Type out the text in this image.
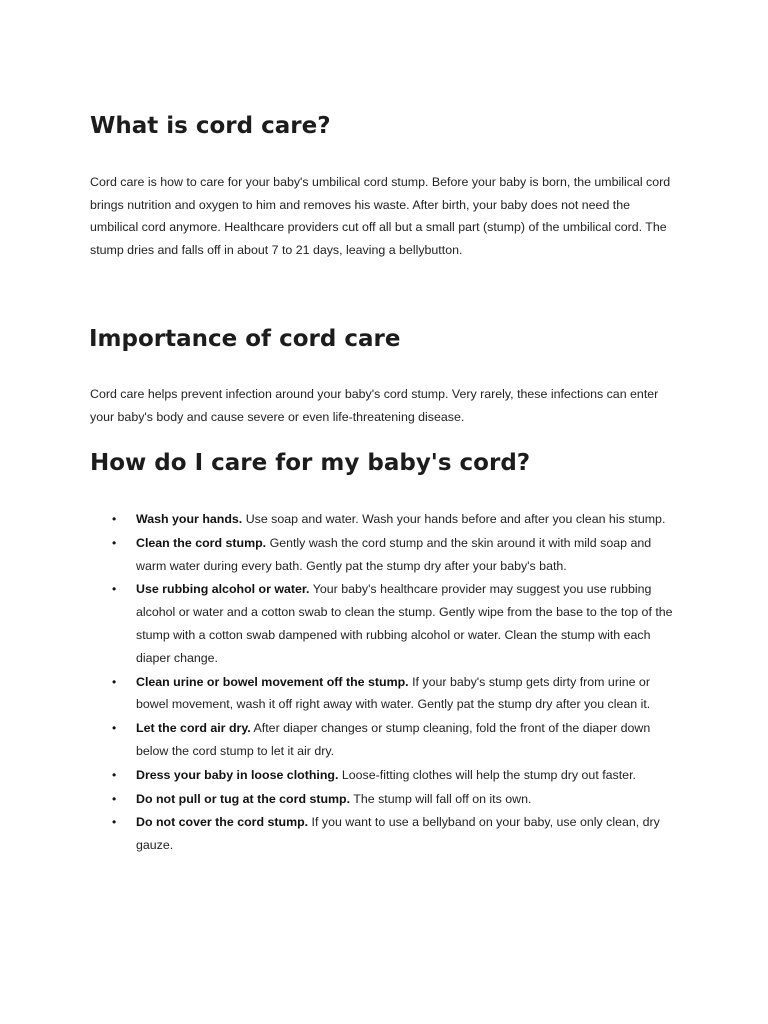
What is cord care?

Cord care is how to care for your baby's umbilical cord stump. Before your baby is born, the umbilical cord brings nutrition and oxygen to him and removes his waste. After birth, your baby does not need the umbilical cord anymore. Healthcare providers cut off all but a small part (stump) of the umbilical cord. The stump dries and falls off in about 7 to 21 days, leaving a bellybutton.

Importance of cord care

Cord care helps prevent infection around your baby's cord stump. Very rarely, these infections can enter your baby's body and cause severe or even life-threatening disease.

How do I care for my baby's cord?
• Wash your hands. Use soap and water. Wash your hands before and after you clean his stump.
• Clean the cord stump. Gently wash the cord stump and the skin around it with mild soap and warm water during every bath. Gently pat the stump dry after your baby's bath.
• Use rubbing alcohol or water. Your baby's healthcare provider may suggest you use rubbing alcohol or water and a cotton swab to clean the stump. Gently wipe from the base to the top of the stump with a cotton swab dampened with rubbing alcohol or water. Clean the stump with each diaper change.
• Clean urine or bowel movement off the stump. If your baby's stump gets dirty from urine or bowel movement, wash it off right away with water. Gently pat the stump dry after you clean it.
• Let the cord air dry. After diaper changes or stump cleaning, fold the front of the diaper down below the cord stump to let it air dry.
• Dress your baby in loose clothing. Loose-fitting clothes will help the stump dry out faster.
• Do not pull or tug at the cord stump. The stump will fall off on its own.
• Do not cover the cord stump. If you want to use a bellyband on your baby, use only clean, dry gauze.
